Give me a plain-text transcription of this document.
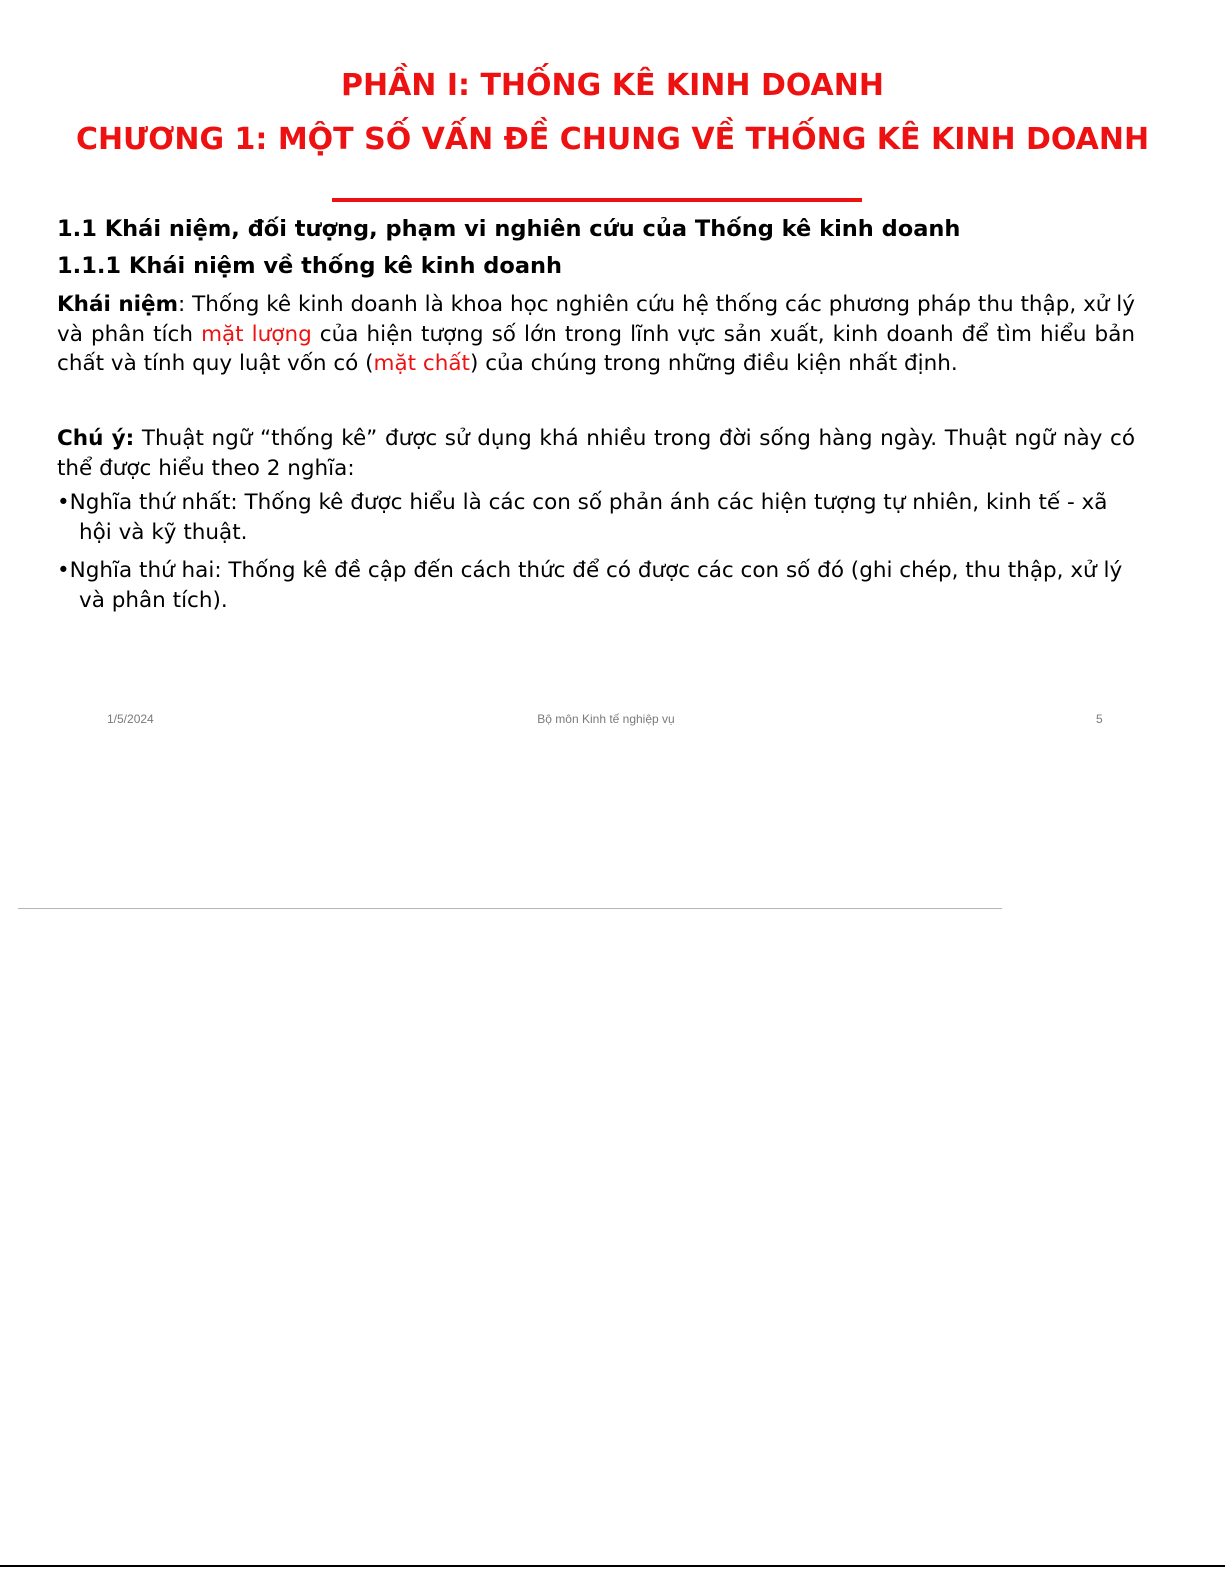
PHẦN I: THỐNG KÊ KINH DOANH
CHƯƠNG 1: MỘT SỐ VẤN ĐỀ CHUNG VỀ THỐNG KÊ KINH DOANH
1.1 Khái niệm, đối tượng, phạm vi nghiên cứu của Thống kê kinh doanh
1.1.1 Khái niệm về thống kê kinh doanh
Khái niệm: Thống kê kinh doanh là khoa học nghiên cứu hệ thống các phương pháp thu thập, xử lý và phân tích mặt lượng của hiện tượng số lớn trong lĩnh vực sản xuất, kinh doanh để tìm hiểu bản chất và tính quy luật vốn có (mặt chất) của chúng trong những điều kiện nhất định.
Chú ý: Thuật ngữ “thống kê” được sử dụng khá nhiều trong đời sống hàng ngày. Thuật ngữ này có thể được hiểu theo 2 nghĩa:
•Nghĩa thứ nhất: Thống kê được hiểu là các con số phản ánh các hiện tượng tự nhiên, kinh tế - xã hội và kỹ thuật.
•Nghĩa thứ hai: Thống kê đề cập đến cách thức để có được các con số đó (ghi chép, thu thập, xử lý và phân tích).
1/5/2024	Bộ môn Kinh tế nghiệp vụ	5
